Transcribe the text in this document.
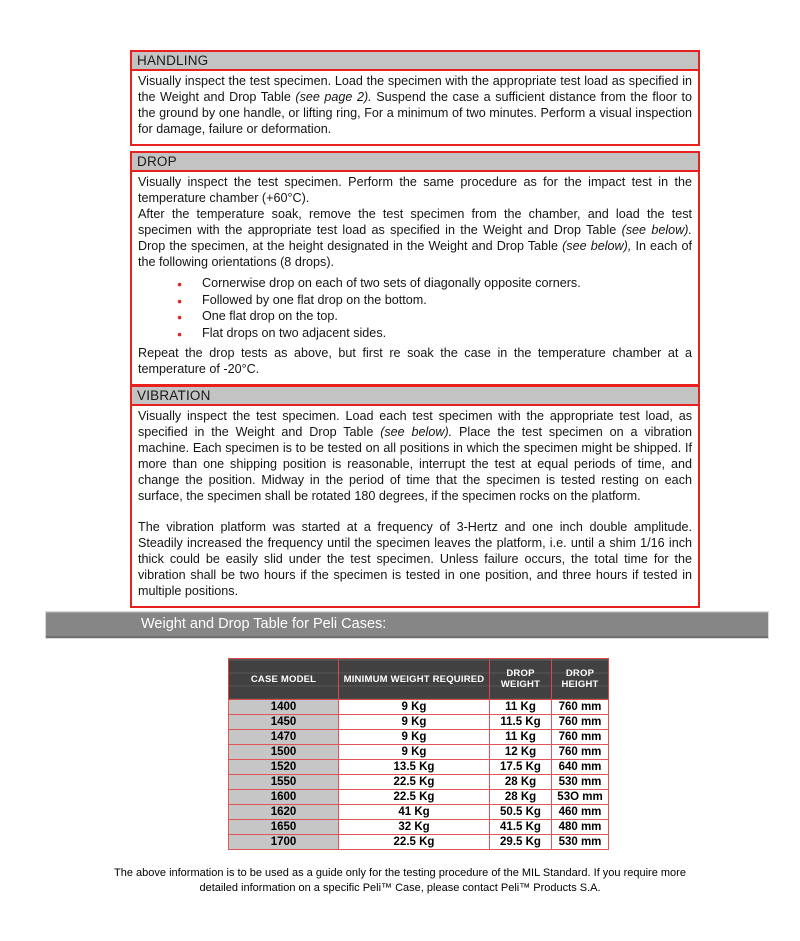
HANDLING

Visually inspect the test specimen. Load the specimen with the appropriate test load as specified in the Weight and Drop Table (see page 2). Suspend the case a sufficient distance from the floor to the ground by one handle, or lifting ring, For a minimum of two minutes. Perform a visual inspection for damage, failure or deformation.

DROP

Visually inspect the test specimen. Perform the same procedure as for the impact test in the temperature chamber (+60°C).

After the temperature soak, remove the test specimen from the chamber, and load the test specimen with the appropriate test load as specified in the Weight and Drop Table (see below). Drop the specimen, at the height designated in the Weight and Drop Table (see below), In each of the following orientations (8 drops).

● Cornerwise drop on each of two sets of diagonally opposite corners.
● Followed by one flat drop on the bottom.
● One flat drop on the top.
● Flat drops on two adjacent sides.

Repeat the drop tests as above, but first re soak the case in the temperature chamber at a temperature of -20°C.

VIBRATION

Visually inspect the test specimen. Load each test specimen with the appropriate test load, as specified in the Weight and Drop Table (see below). Place the test specimen on a vibration machine. Each specimen is to be tested on all positions in which the specimen might be shipped. If more than one shipping position is reasonable, interrupt the test at equal periods of time, and change the position. Midway in the period of time that the specimen is tested resting on each surface, the specimen shall be rotated 180 degrees, if the specimen rocks on the platform.

The vibration platform was started at a frequency of 3-Hertz and one inch double amplitude. Steadily increased the frequency until the specimen leaves the platform, i.e. until a shim 1/16 inch thick could be easily slid under the test specimen. Unless failure occurs, the total time for the vibration shall be two hours if the specimen is tested in one position, and three hours if tested in multiple positions.

Weight and Drop Table for Peli Cases:
CASE MODEL	MINIMUM WEIGHT REQUIRED	DROP WEIGHT	DROP HEIGHT
1400	9 Kg	11 Kg	760 mm
1450	9 Kg	11.5 Kg	760 mm
1470	9 Kg	11 Kg	760 mm
1500	9 Kg	12 Kg	760 mm
1520	13.5 Kg	17.5 Kg	640 mm
1550	22.5 Kg	28 Kg	530 mm
1600	22.5 Kg	28 Kg	53O mm
1620	41 Kg	50.5 Kg	460 mm
1650	32 Kg	41.5 Kg	480 mm
1700	22.5 Kg	29.5 Kg	530 mm
The above information is to be used as a guide only for the testing procedure of the MIL Standard. If you require more
detailed information on a specific Peli™ Case, please contact Peli™ Products S.A.
